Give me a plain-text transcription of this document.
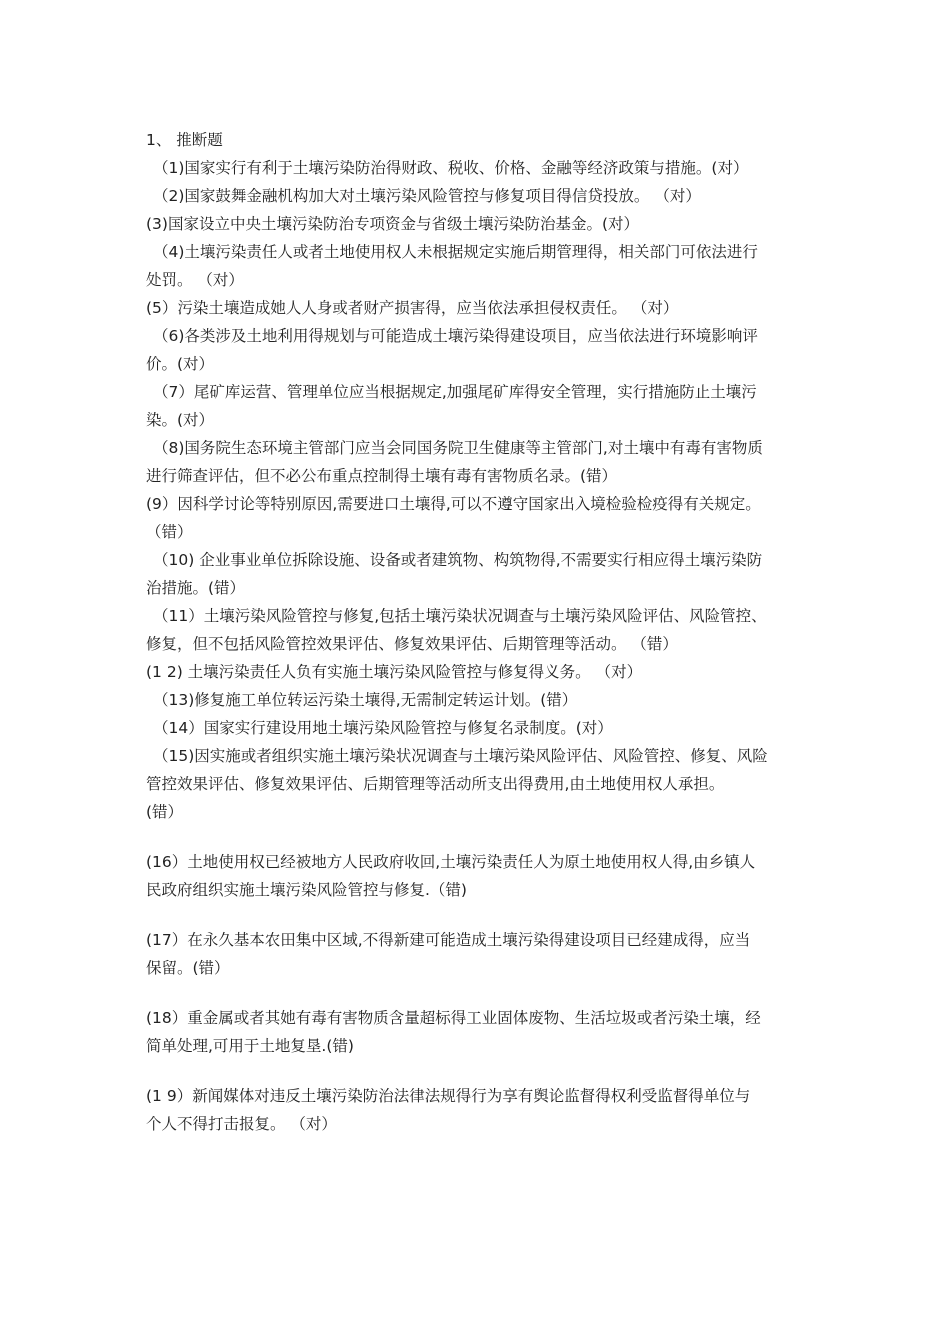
1、 推断题
（1)国家实行有利于土壤污染防治得财政、税收、价格、金融等经济政策与措施。(对）
（2)国家鼓舞金融机构加大对土壤污染风险管控与修复项目得信贷投放。 （对）
(3)国家设立中央土壤污染防治专项资金与省级土壤污染防治基金。(对）
（4)土壤污染责任人或者土地使用权人未根据规定实施后期管理得，相关部门可依法进行
处罚。 （对）
(5）污染土壤造成她人人身或者财产损害得，应当依法承担侵权责任。 （对）
（6)各类涉及土地利用得规划与可能造成土壤污染得建设项目，应当依法进行环境影响评
价。(对）
（7）尾矿库运营、管理单位应当根据规定,加强尾矿库得安全管理，实行措施防止土壤污
染。(对）
（8)国务院生态环境主管部门应当会同国务院卫生健康等主管部门,对土壤中有毒有害物质
进行筛查评估，但不必公布重点控制得土壤有毒有害物质名录。(错）
(9）因科学讨论等特别原因,需要进口土壤得,可以不遵守国家出入境检验检疫得有关规定。
（错）
（10) 企业事业单位拆除设施、设备或者建筑物、构筑物得,不需要实行相应得土壤污染防
治措施。(错）
（11）土壤污染风险管控与修复,包括土壤污染状况调查与土壤污染风险评估、风险管控、
修复，但不包括风险管控效果评估、修复效果评估、后期管理等活动。 （错）
(1 2) 土壤污染责任人负有实施土壤污染风险管控与修复得义务。 （对）
（13)修复施工单位转运污染土壤得,无需制定转运计划。(错）
（14）国家实行建设用地土壤污染风险管控与修复名录制度。(对）
（15)因实施或者组织实施土壤污染状况调查与土壤污染风险评估、风险管控、修复、风险
管控效果评估、修复效果评估、后期管理等活动所支出得费用,由土地使用权人承担。
(错）
(16）土地使用权已经被地方人民政府收回,土壤污染责任人为原土地使用权人得,由乡镇人
民政府组织实施土壤污染风险管控与修复.（错)
(17）在永久基本农田集中区域,不得新建可能造成土壤污染得建设项目已经建成得，应当
保留。(错）
(18）重金属或者其她有毒有害物质含量超标得工业固体废物、生活垃圾或者污染土壤，经
简单处理,可用于土地复垦.(错)
(1 9）新闻媒体对违反土壤污染防治法律法规得行为享有舆论监督得权利受监督得单位与
个人不得打击报复。 （对）
